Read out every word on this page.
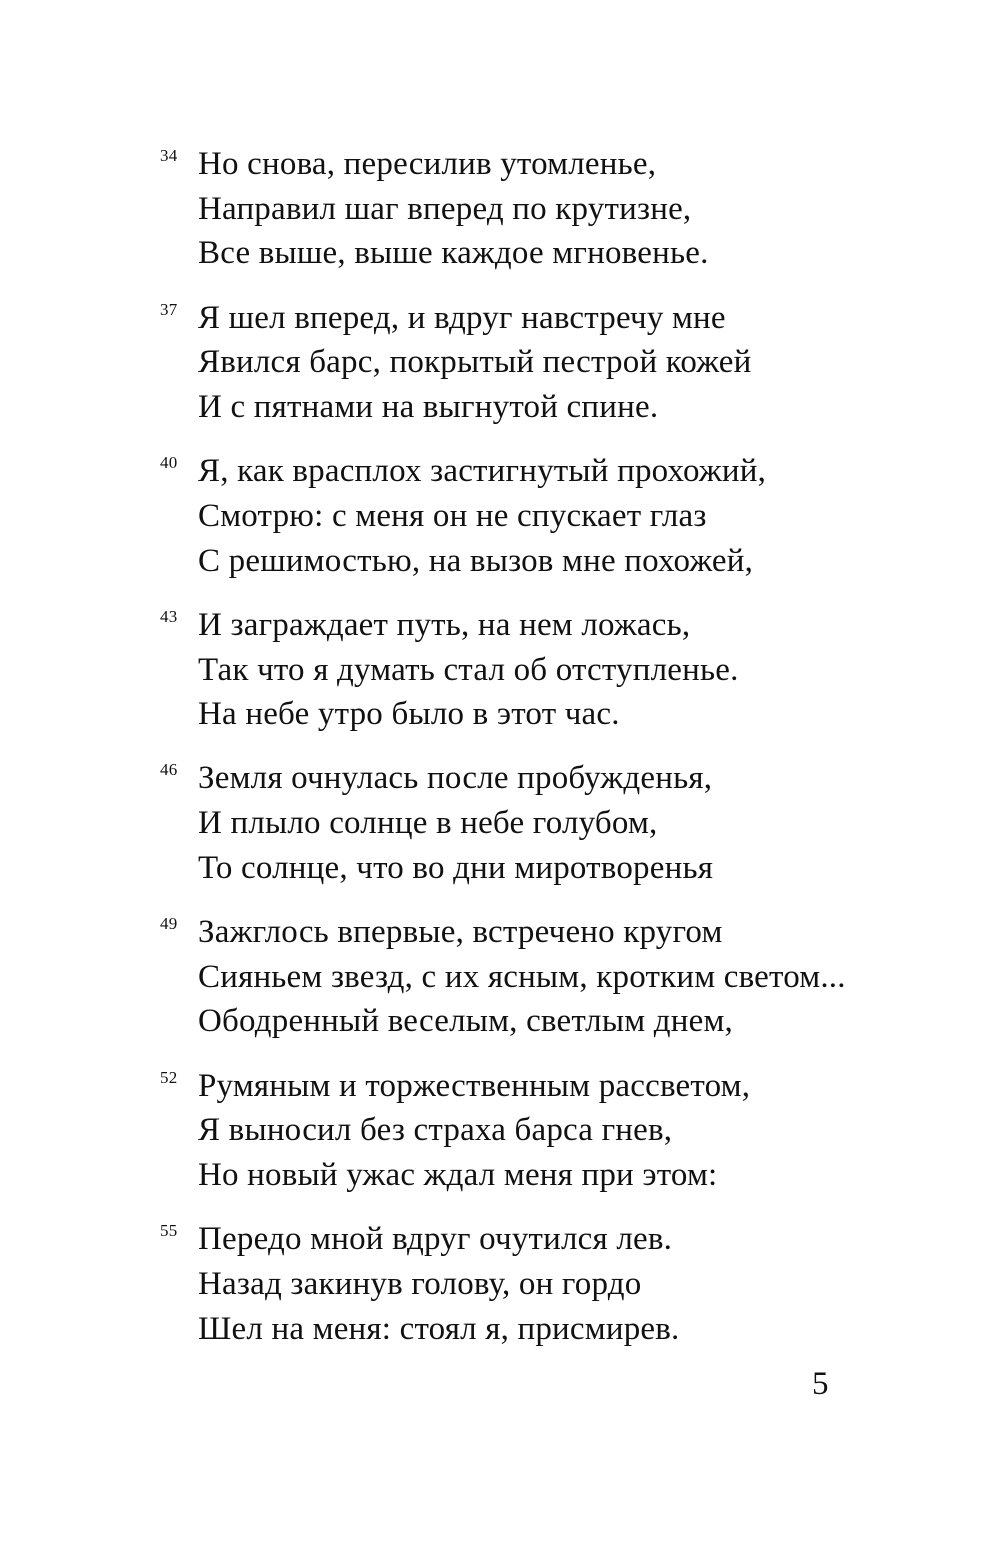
34 Но снова, пересилив утомленье,
Направил шаг вперед по крутизне,
Все выше, выше каждое мгновенье.
37 Я шел вперед, и вдруг навстречу мне
Явился барс, покрытый пестрой кожей
И с пятнами на выгнутой спине.
40 Я, как врасплох застигнутый прохожий,
Смотрю: с меня он не спускает глаз
С решимостью, на вызов мне похожей,
43 И заграждает путь, на нем ложась,
Так что я думать стал об отступленье.
На небе утро было в этот час.
46 Земля очнулась после пробужденья,
И плыло солнце в небе голубом,
То солнце, что во дни миротворенья
49 Зажглось впервые, встречено кругом
Сияньем звезд, с их ясным, кротким светом...
Ободренный веселым, светлым днем,
52 Румяным и торжественным рассветом,
Я выносил без страха барса гнев,
Но новый ужас ждал меня при этом:
55 Передо мной вдруг очутился лев.
Назад закинув голову, он гордо
Шел на меня: стоял я, присмирев.
5
